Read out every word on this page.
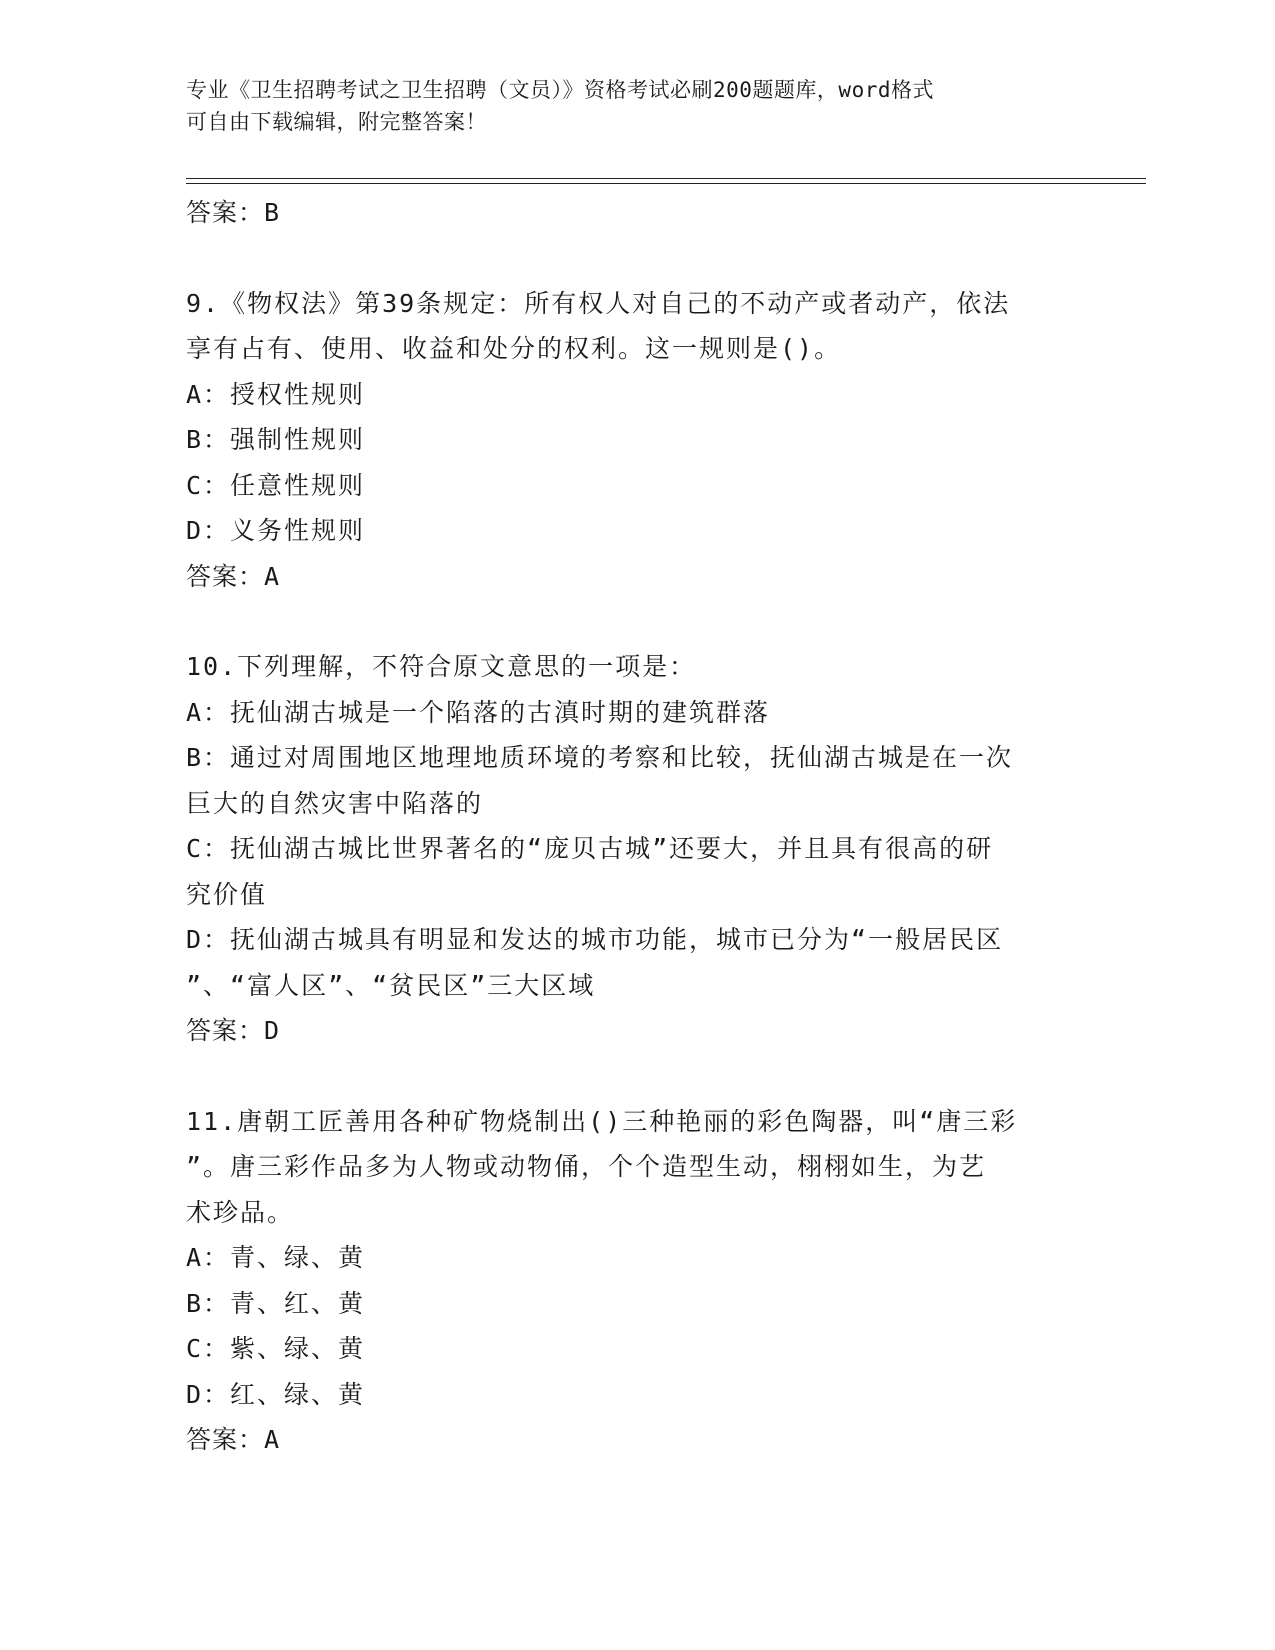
专业《卫生招聘考试之卫生招聘（文员）》资格考试必刷200题题库，word格式
可自由下载编辑，附完整答案！
答案：B
9.《物权法》第39条规定：所有权人对自己的不动产或者动产，依法
享有占有、使用、收益和处分的权利。这一规则是()。
A：授权性规则
B：强制性规则
C：任意性规则
D：义务性规则
答案：A
10.下列理解，不符合原文意思的一项是：
A：抚仙湖古城是一个陷落的古滇时期的建筑群落
B：通过对周围地区地理地质环境的考察和比较，抚仙湖古城是在一次
巨大的自然灾害中陷落的
C：抚仙湖古城比世界著名的“庞贝古城”还要大，并且具有很高的研
究价值
D：抚仙湖古城具有明显和发达的城市功能，城市已分为“一般居民区
”、“富人区”、“贫民区”三大区域
答案：D
11.唐朝工匠善用各种矿物烧制出()三种艳丽的彩色陶器，叫“唐三彩
”。唐三彩作品多为人物或动物俑，个个造型生动，栩栩如生，为艺
术珍品。
A：青、绿、黄
B：青、红、黄
C：紫、绿、黄
D：红、绿、黄
答案：A
